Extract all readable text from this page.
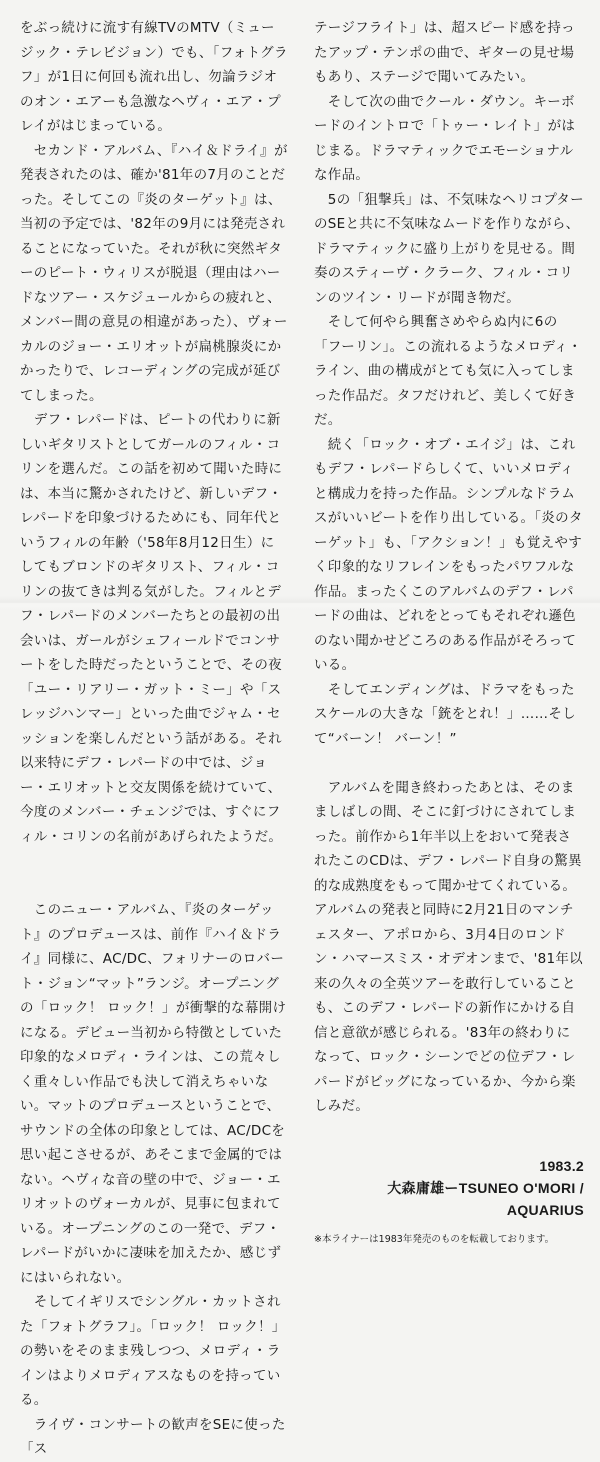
をぶっ続けに流す有線TVのMTV（ミュージック・テレビジョン）でも、「フォトグラフ」が1日に何回も流れ出し、勿論ラジオのオン・エアーも急激なヘヴィ・エア・プレイがはじまっている。

　セカンド・アルバム、『ハイ＆ドライ』が発表されたのは、確か'81年の7月のことだった。そしてこの『炎のターゲット』は、当初の予定では、'82年の9月には発売されることになっていた。それが秋に突然ギターのピート・ウィリスが脱退（理由はハードなツアー・スケジュールからの疲れと、メンバー間の意見の相違があった）、ヴォーカルのジョー・エリオットが扁桃腺炎にかかったりで、レコーディングの完成が延びてしまった。

　デフ・レパードは、ピートの代わりに新しいギタリストとしてガールのフィル・コリンを選んだ。この話を初めて聞いた時には、本当に驚かされたけど、新しいデフ・レパードを印象づけるためにも、同年代というフィルの年齢（'58年8月12日生）にしてもブロンドのギタリスト、フィル・コリンの抜てきは判る気がした。フィルとデフ・レパードのメンバーたちとの最初の出会いは、ガールがシェフィールドでコンサートをした時だったということで、その夜「ユー・リアリー・ガット・ミー」や「スレッジハンマー」といった曲でジャム・セッションを楽しんだという話がある。それ以来特にデフ・レパードの中では、ジョー・エリオットと交友関係を続けていて、今度のメンバー・チェンジでは、すぐにフィル・コリンの名前があげられたようだ。

　このニュー・アルバム、『炎のターゲット』のプロデュースは、前作『ハイ＆ドライ』同様に、AC/DC、フォリナーのロバート・ジョン“マット”ランジ。オープニングの「ロック！ ロック！」が衝撃的な幕開けになる。デビュー当初から特徴としていた印象的なメロディ・ラインは、この荒々しく重々しい作品でも決して消えちゃいない。マットのプロデュースということで、サウンドの全体の印象としては、AC/DCを思い起こさせるが、あそこまで金属的ではない。ヘヴィな音の壁の中で、ジョー・エリオットのヴォーカルが、見事に包まれている。オープニングのこの一発で、デフ・レパードがいかに凄味を加えたか、感じずにはいられない。

　そしてイギリスでシングル・カットされた「フォトグラフ」。「ロック！ ロック！」の勢いをそのまま残しつつ、メロディ・ラインはよりメロディアスなものを持っている。

　ライヴ・コンサートの歓声をSEに使った「ス

テージフライト」は、超スピード感を持ったアップ・テンポの曲で、ギターの見せ場もあり、ステージで聞いてみたい。

　そして次の曲でクール・ダウン。キーボードのイントロで「トゥー・レイト」がはじまる。ドラマティックでエモーショナルな作品。

　5の「狙撃兵」は、不気味なヘリコプターのSEと共に不気味なムードを作りながら、ドラマティックに盛り上がりを見せる。間奏のスティーヴ・クラーク、フィル・コリンのツイン・リードが聞き物だ。

　そして何やら興奮さめやらぬ内に6の「フーリン」。この流れるようなメロディ・ライン、曲の構成がとても気に入ってしまった作品だ。タフだけれど、美しくて好きだ。

　続く「ロック・オブ・エイジ」は、これもデフ・レパードらしくて、いいメロディと構成力を持った作品。シンプルなドラムスがいいビートを作り出している。「炎のターゲット」も、「アクション！」も覚えやすく印象的なリフレインをもったパワフルな作品。まったくこのアルバムのデフ・レパードの曲は、どれをとってもそれぞれ遜色のない聞かせどころのある作品がそろっている。

　そしてエンディングは、ドラマをもったスケールの大きな「銃をとれ！」……そして“バーン！ バーン！”

　アルバムを聞き終わったあとは、そのまましばしの間、そこに釘づけにされてしまった。前作から1年半以上をおいて発表されたこのCDは、デフ・レパード自身の驚異的な成熟度をもって聞かせてくれている。アルバムの発表と同時に2月21日のマンチェスター、アポロから、3月4日のロンドン・ハマースミス・オデオンまで、'81年以来の久々の全英ツアーを敢行していることも、このデフ・レパードの新作にかける自信と意欲が感じられる。'83年の終わりになって、ロック・シーンでどの位デフ・レパードがビッグになっているか、今から楽しみだ。

1983.2
大森庸雄ーTSUNEO O'MORI / AQUARIUS
※本ライナーは1983年発売のものを転載しております。
